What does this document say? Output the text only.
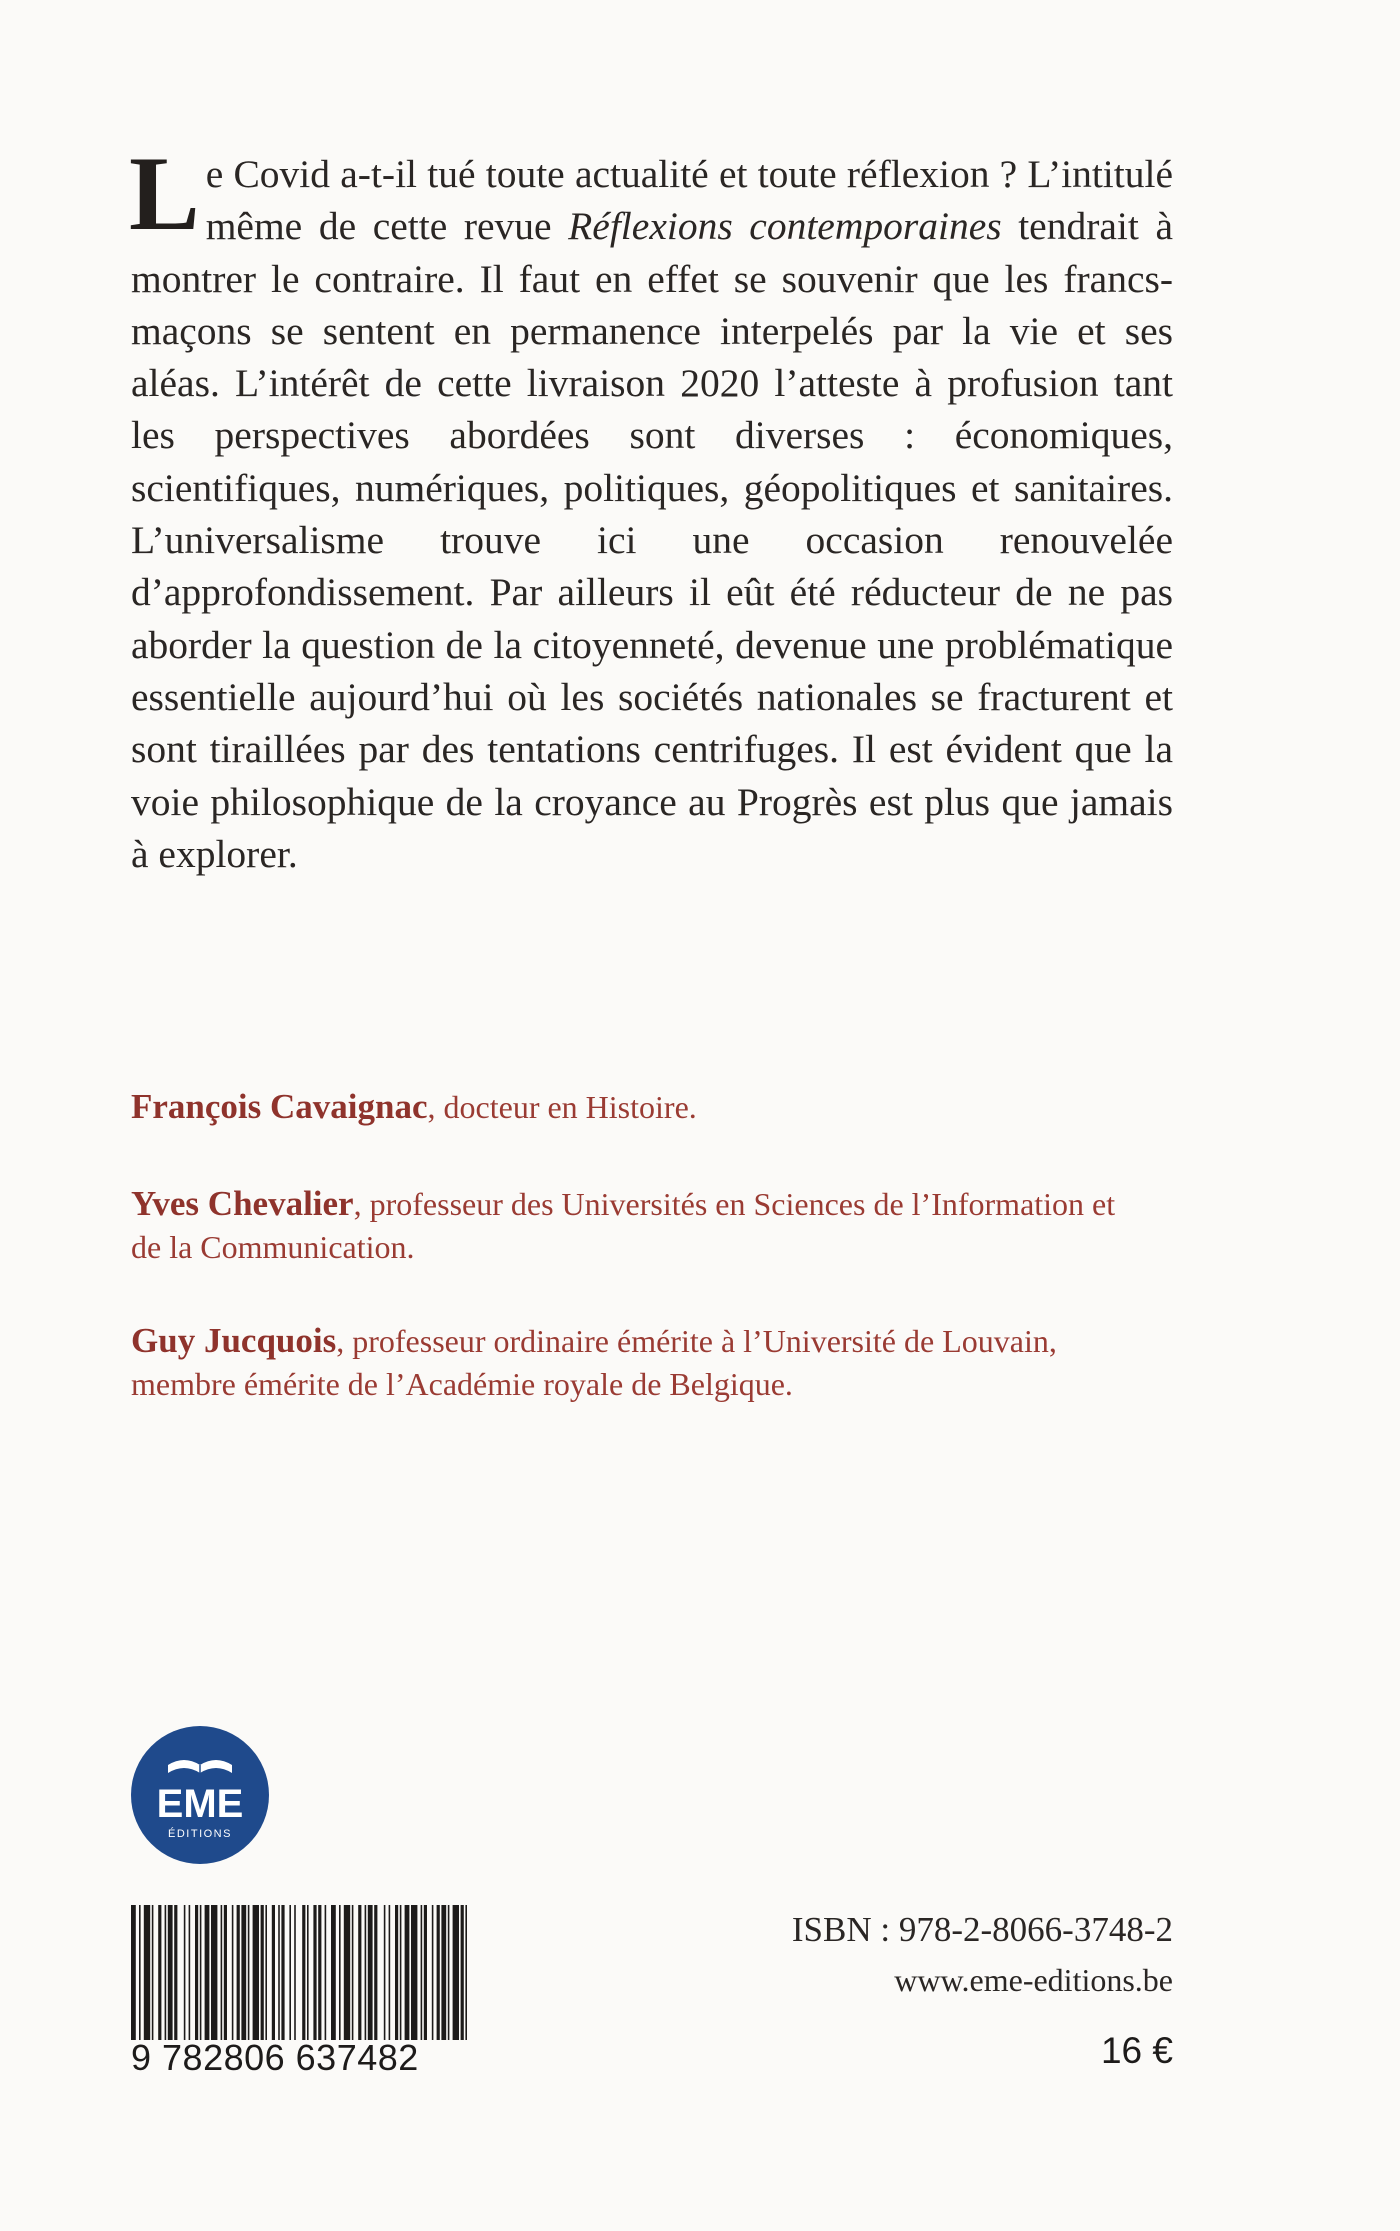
Le Covid a-t-il tué toute actualité et toute réflexion ? L’intitulé même de cette revue Réflexions contemporaines tendrait à montrer le contraire. Il faut en effet se souvenir que les francs-maçons se sentent en permanence interpelés par la vie et ses aléas. L’intérêt de cette livraison 2020 l’atteste à profusion tant les perspectives abordées sont diverses : économiques, scientifiques, numériques, politiques, géopolitiques et sanitaires. L’universalisme trouve ici une occasion renouvelée d’approfondissement. Par ailleurs il eût été réducteur de ne pas aborder la question de la citoyenneté, devenue une problématique essentielle aujourd’hui où les sociétés nationales se fracturent et sont tiraillées par des tentations centrifuges. Il est évident que la voie philosophique de la croyance au Progrès est plus que jamais à explorer.

François Cavaignac, docteur en Histoire.

Yves Chevalier, professeur des Universités en Sciences de l’Information et de la Communication.

Guy Jucquois, professeur ordinaire émérite à l’Université de Louvain, membre émérite de l’Académie royale de Belgique.

EME
ÉDITIONS
9 782806 637482

ISBN : 978-2-8066-3748-2

www.eme-editions.be

16 €
